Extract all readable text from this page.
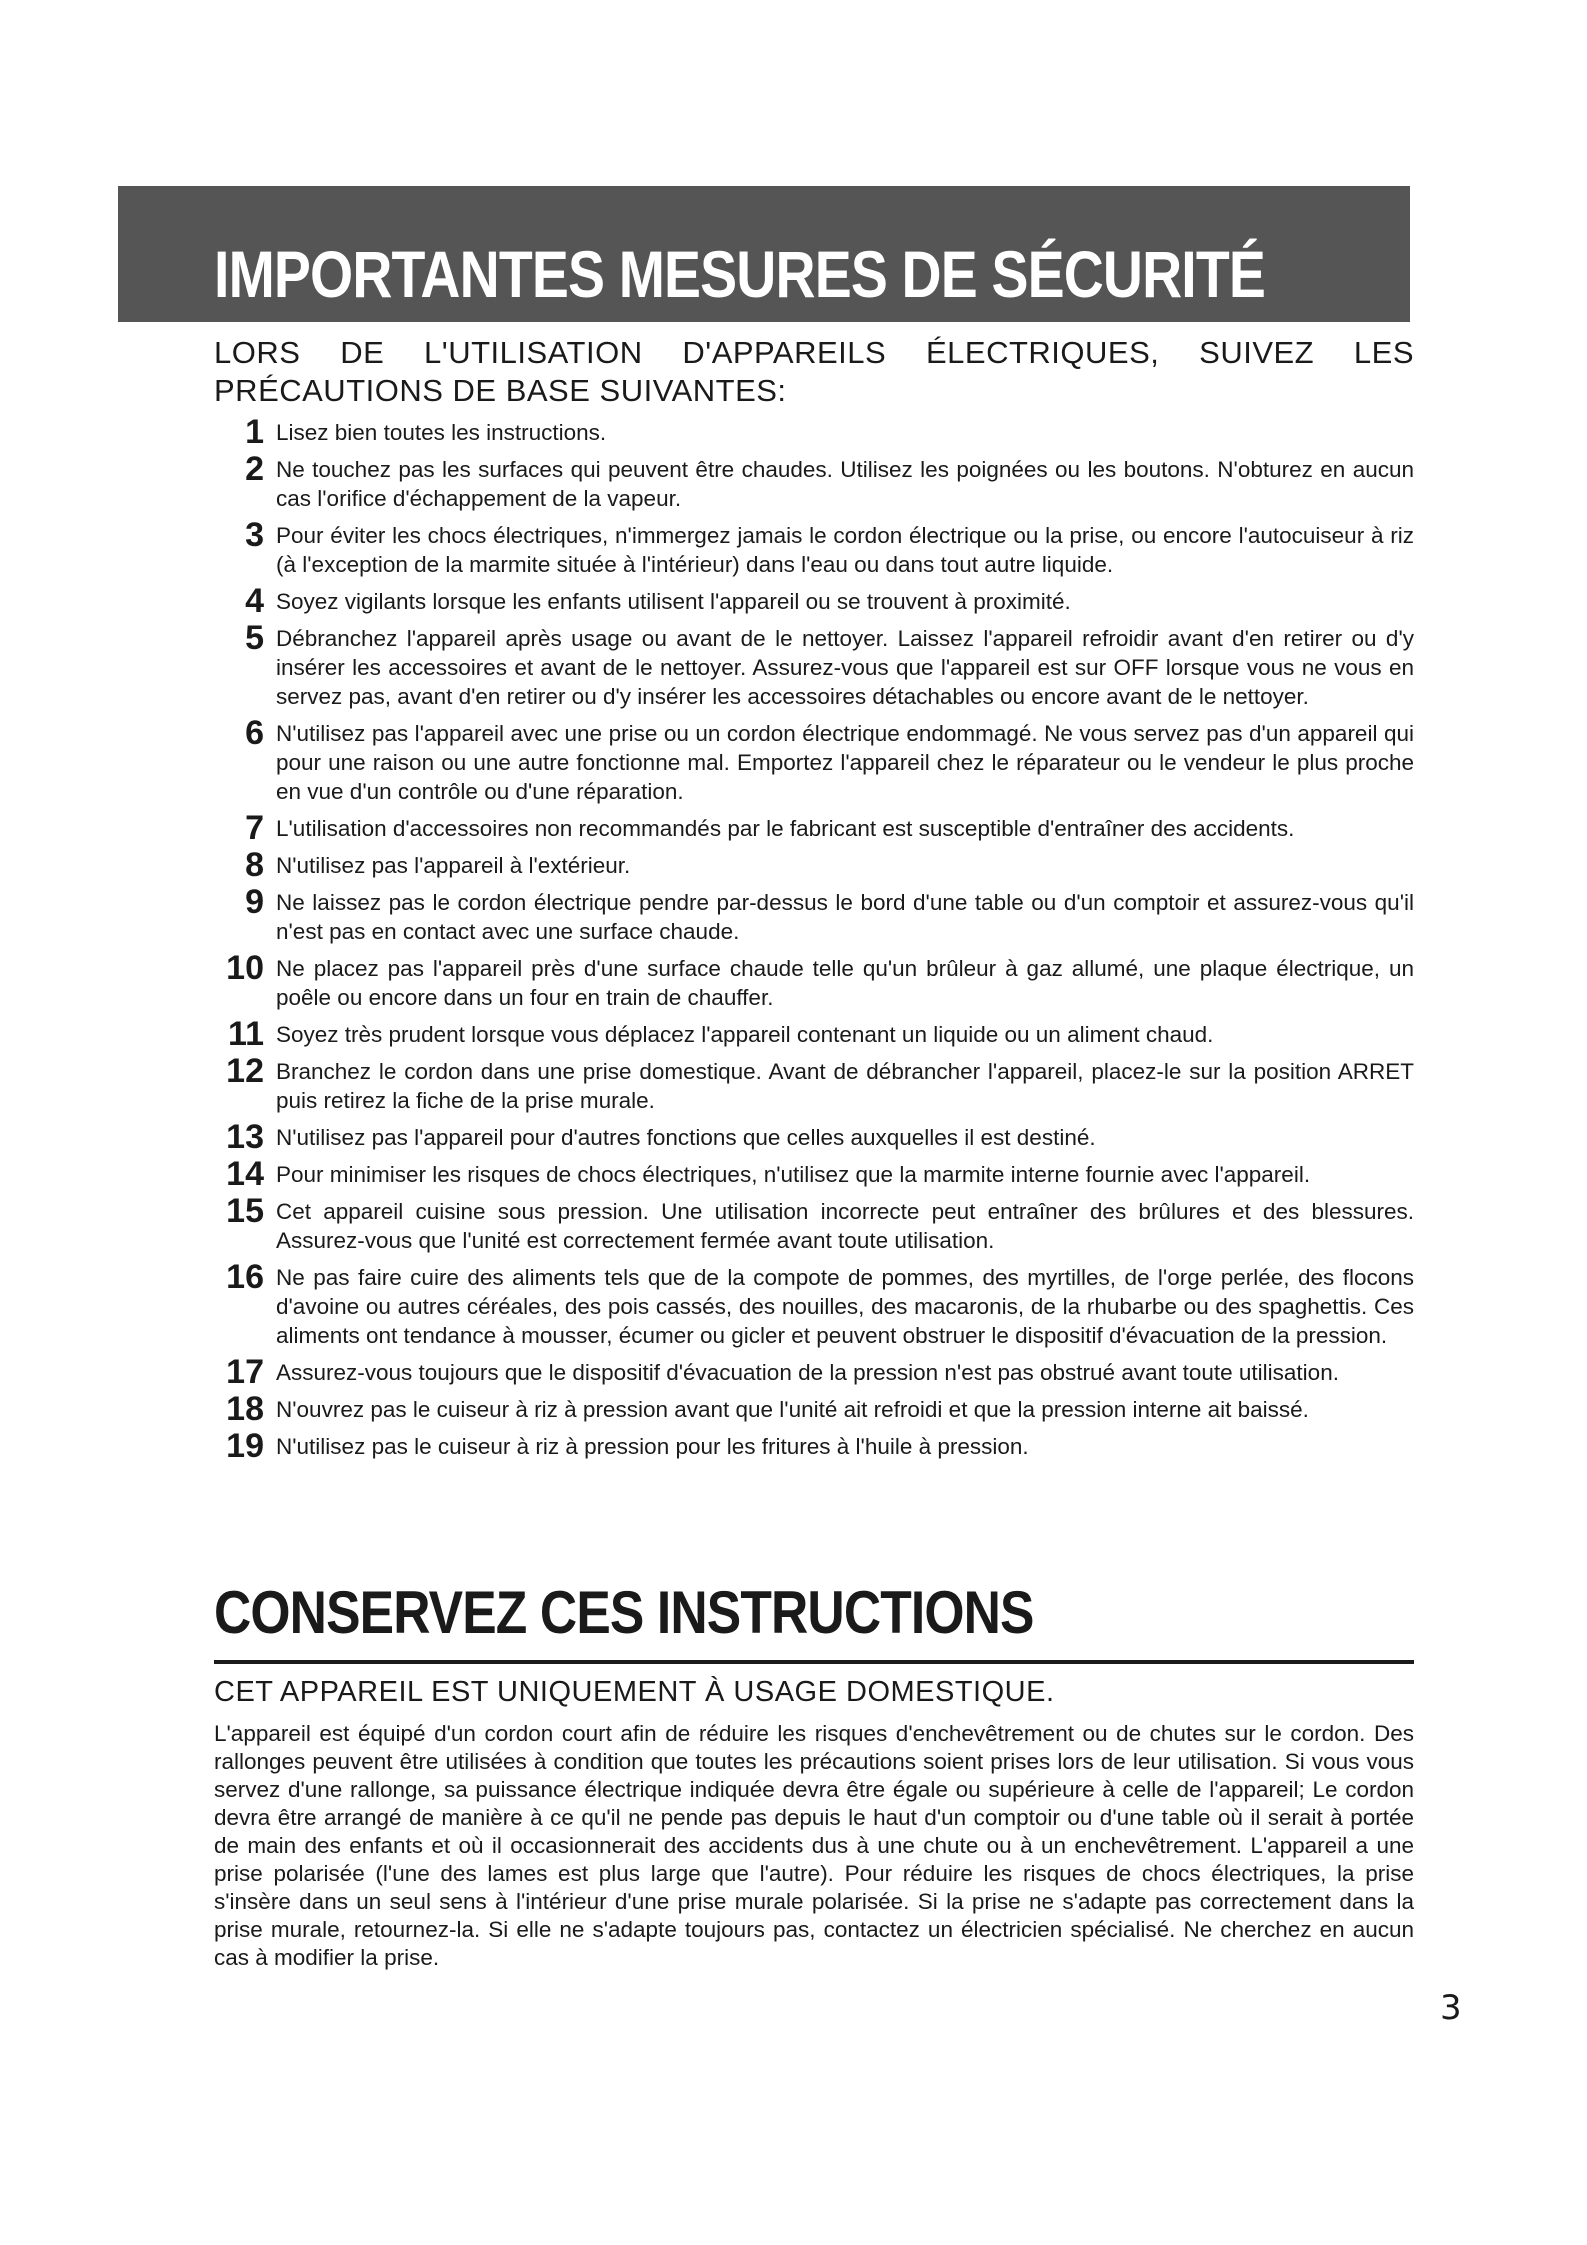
IMPORTANTES MESURES DE SÉCURITÉ
LORS DE L'UTILISATION D'APPAREILS ÉLECTRIQUES, SUIVEZ LES PRÉCAUTIONS DE BASE SUIVANTES:
1 Lisez bien toutes les instructions.
2 Ne touchez pas les surfaces qui peuvent être chaudes. Utilisez les poignées ou les boutons. N'obturez en aucun cas l'orifice d'échappement de la vapeur.
3 Pour éviter les chocs électriques, n'immergez jamais le cordon électrique ou la prise, ou encore l'autocuiseur à riz (à l'exception de la marmite située à l'intérieur) dans l'eau ou dans tout autre liquide.
4 Soyez vigilants lorsque les enfants utilisent l'appareil ou se trouvent à proximité.
5 Débranchez l'appareil après usage ou avant de le nettoyer. Laissez l'appareil refroidir avant d'en retirer ou d'y insérer les accessoires et avant de le nettoyer. Assurez-vous que l'appareil est sur OFF lorsque vous ne vous en servez pas, avant d'en retirer ou d'y insérer les accessoires détachables ou encore avant de le nettoyer.
6 N'utilisez pas l'appareil avec une prise ou un cordon électrique endommagé. Ne vous servez pas d'un appareil qui pour une raison ou une autre fonctionne mal. Emportez l'appareil chez le réparateur ou le vendeur le plus proche en vue d'un contrôle ou d'une réparation.
7 L'utilisation d'accessoires non recommandés par le fabricant est susceptible d'entraîner des accidents.
8 N'utilisez pas l'appareil à l'extérieur.
9 Ne laissez pas le cordon électrique pendre par-dessus le bord d'une table ou d'un comptoir et assurez-vous qu'il n'est pas en contact avec une surface chaude.
10 Ne placez pas l'appareil près d'une surface chaude telle qu'un brûleur à gaz allumé, une plaque électrique, un poêle ou encore dans un four en train de chauffer.
11 Soyez très prudent lorsque vous déplacez l'appareil contenant un liquide ou un aliment chaud.
12 Branchez le cordon dans une prise domestique. Avant de débrancher l'appareil, placez-le sur la position ARRET puis retirez la fiche de la prise murale.
13 N'utilisez pas l'appareil pour d'autres fonctions que celles auxquelles il est destiné.
14 Pour minimiser les risques de chocs électriques, n'utilisez que la marmite interne fournie avec l'appareil.
15 Cet appareil cuisine sous pression. Une utilisation incorrecte peut entraîner des brûlures et des blessures. Assurez-vous que l'unité est correctement fermée avant toute utilisation.
16 Ne pas faire cuire des aliments tels que de la compote de pommes, des myrtilles, de l'orge perlée, des flocons d'avoine ou autres céréales, des pois cassés, des nouilles, des macaronis, de la rhubarbe ou des spaghettis. Ces aliments ont tendance à mousser, écumer ou gicler et peuvent obstruer le dispositif d'évacuation de la pression.
17 Assurez-vous toujours que le dispositif d'évacuation de la pression n'est pas obstrué avant toute utilisation.
18 N'ouvrez pas le cuiseur à riz à pression avant que l'unité ait refroidi et que la pression interne ait baissé.
19 N'utilisez pas le cuiseur à riz à pression pour les fritures à l'huile à pression.
CONSERVEZ CES INSTRUCTIONS
CET APPAREIL EST UNIQUEMENT À USAGE DOMESTIQUE.

L'appareil est équipé d'un cordon court afin de réduire les risques d'enchevêtrement ou de chutes sur le cordon. Des rallonges peuvent être utilisées à condition que toutes les précautions soient prises lors de leur utilisation. Si vous vous servez d'une rallonge, sa puissance électrique indiquée devra être égale ou supérieure à celle de l'appareil; Le cordon devra être arrangé de manière à ce qu'il ne pende pas depuis le haut d'un comptoir ou d'une table où il serait à portée de main des enfants et où il occasionnerait des accidents dus à une chute ou à un enchevêtrement. L'appareil a une prise polarisée (l'une des lames est plus large que l'autre). Pour réduire les risques de chocs électriques, la prise s'insère dans un seul sens à l'intérieur d'une prise murale polarisée. Si la prise ne s'adapte pas correctement dans la prise murale, retournez-la. Si elle ne s'adapte toujours pas, contactez un électricien spécialisé. Ne cherchez en aucun cas à modifier la prise.

3
